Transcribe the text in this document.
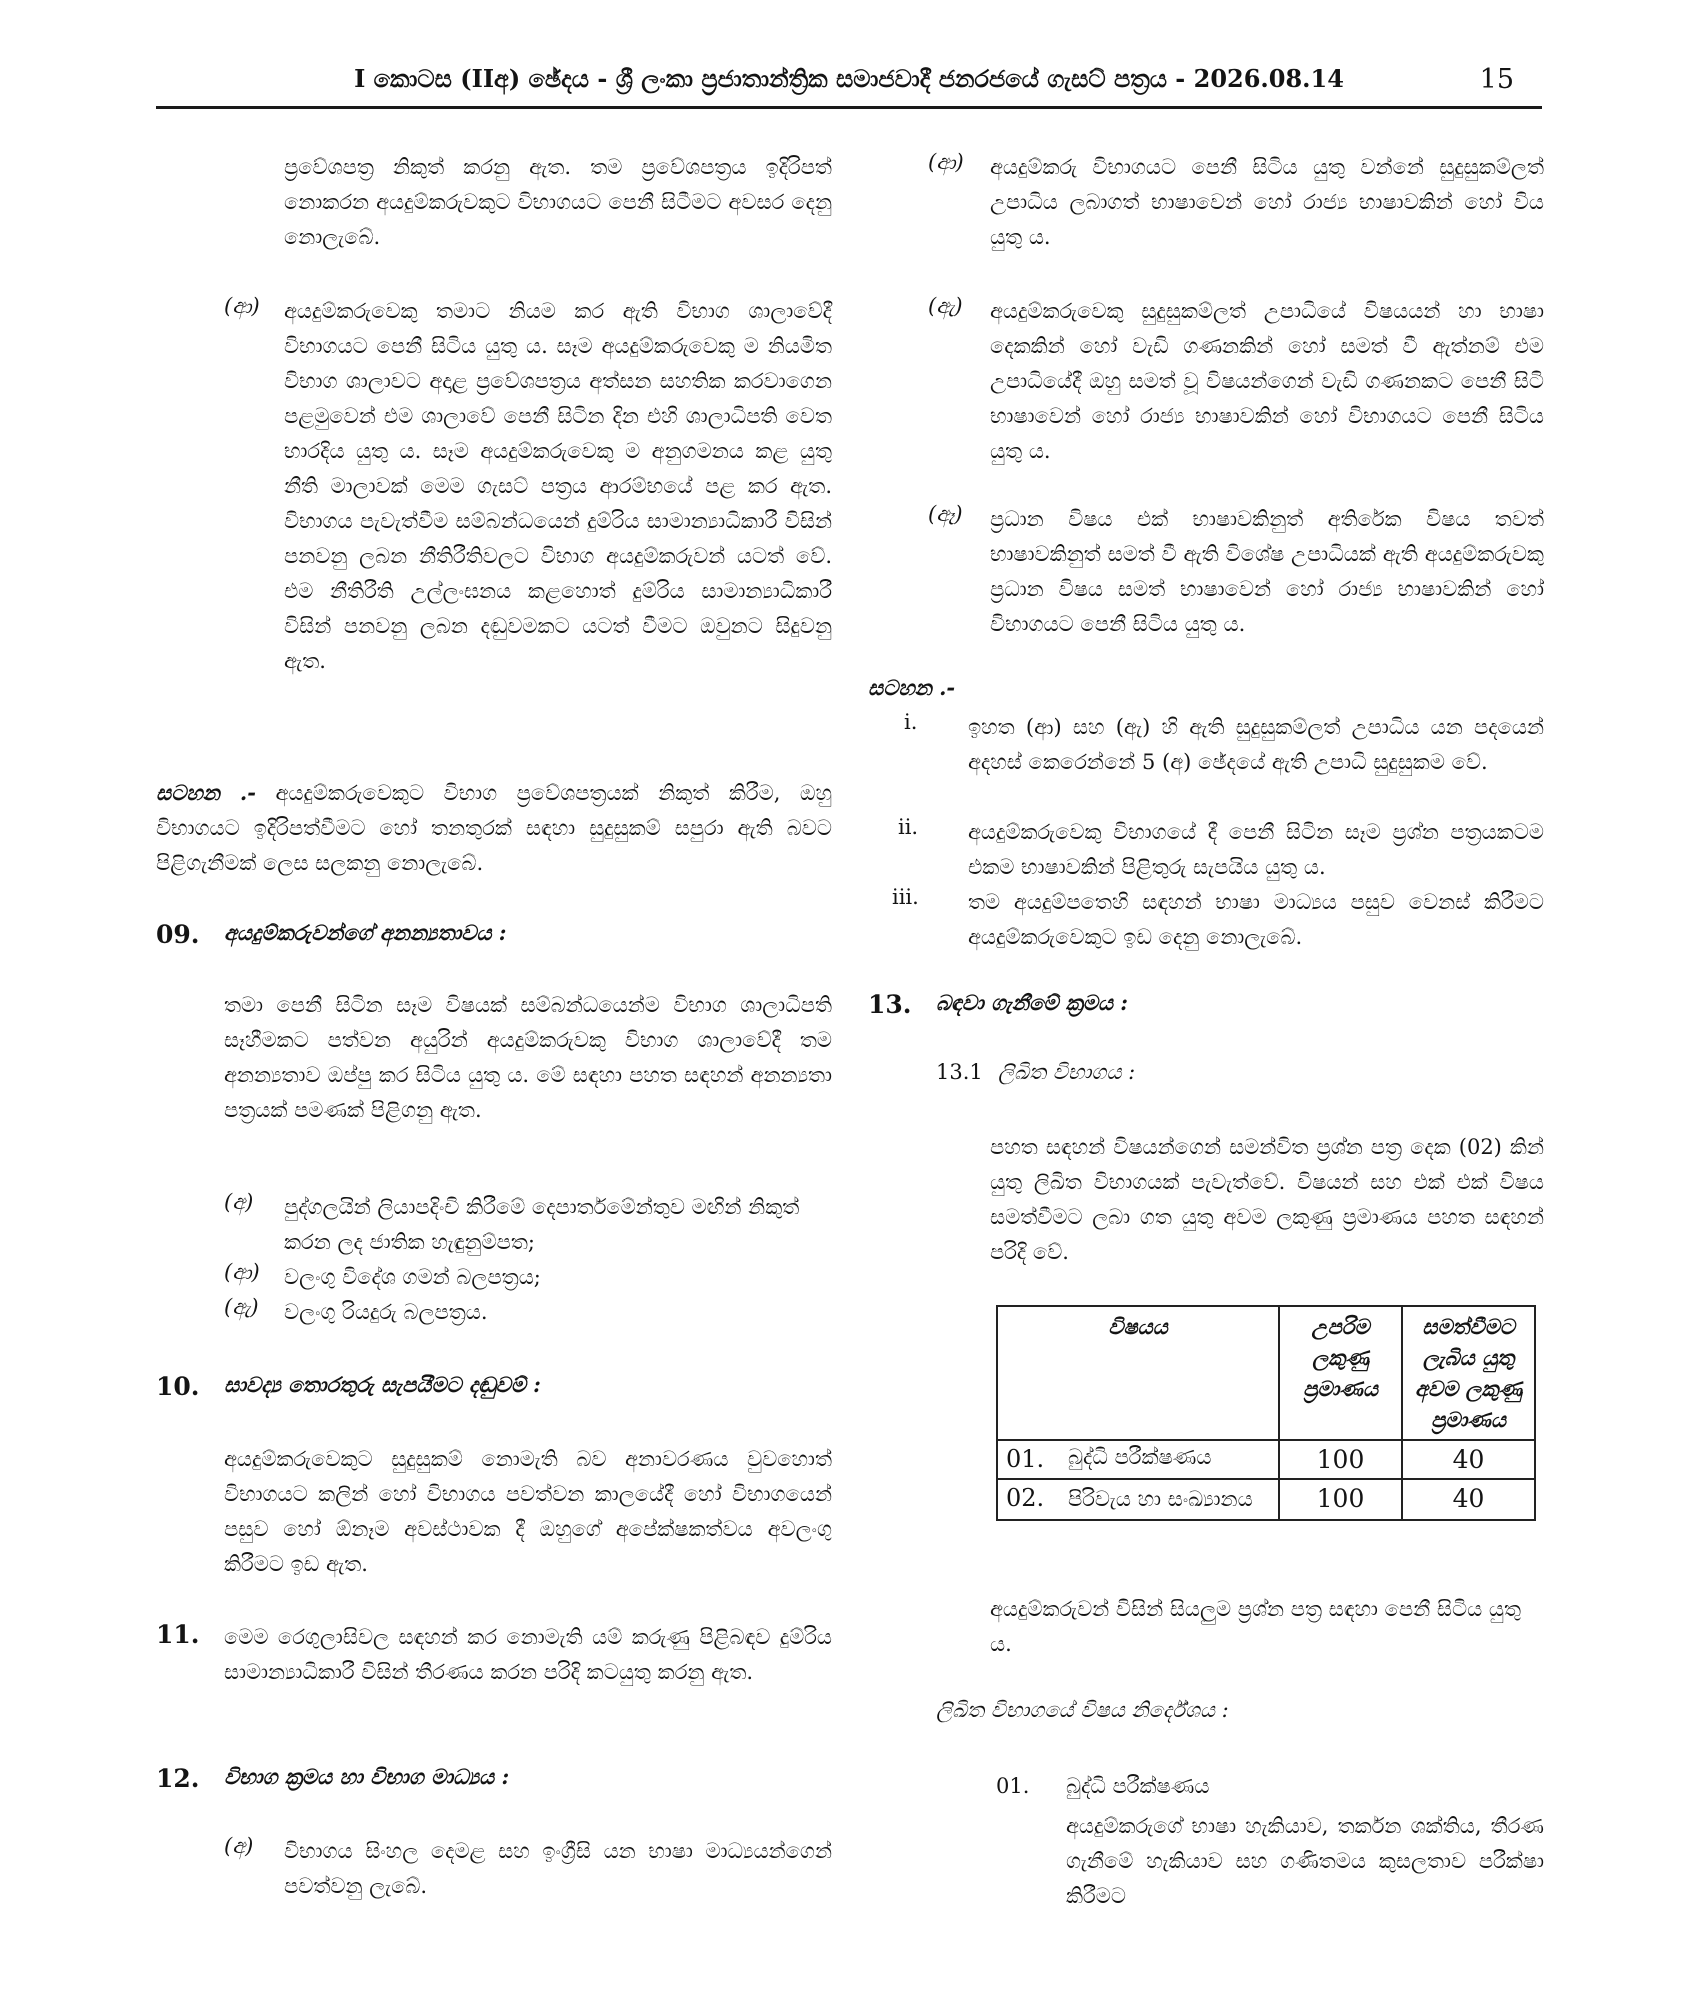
I කොටස (IIඅ) ඡේදය - ශ්‍රී ලංකා ප්‍රජාතාන්ත්‍රික සමාජවාදී ජනරජයේ ගැසට් පත්‍රය - 2026.08.14	15
ප්‍රවේශපත්‍ර නිකුත් කරනු ඇත. තම ප්‍රවේශපත්‍රය ඉදිරිපත් නොකරන අයදුම්කරුවකුට විභාගයට පෙනී සිටීමට අවසර දෙනු නොලැබේ.
(ආ) අයදුම්කරුවෙකු තමාට නියම කර ඇති විභාග ශාලාවේදී විභාගයට පෙනී සිටිය යුතු ය. සෑම අයදුම්කරුවෙකු ම නියමිත විභාග ශාලාවට අදාළ ප්‍රවේශපත්‍රය අත්සන සහතික කරවාගෙන පළමුවෙන් එම ශාලාවේ පෙනී සිටින දින එහි ශාලාධිපති වෙත භාරදිය යුතු ය. සෑම අයදුම්කරුවෙකු ම අනුගමනය කළ යුතු නීති මාලාවක් මෙම ගැසට් පත්‍රය ආරම්භයේ පළ කර ඇත. විභාගය පැවැත්වීම සම්බන්ධයෙන් දුම්රිය සාමාන්‍යාධිකාරී විසින් පනවනු ලබන නීතිරීතිවලට විභාග අයදුම්කරුවන් යටත් වේ. එම නීතිරීති උල්ලංඝනය කළහොත් දුම්රිය සාමාන්‍යාධිකාරී විසින් පනවනු ලබන දඬුවමකට යටත් වීමට ඔවුනට සිදුවනු ඇත.
සටහන .- අයදුම්කරුවෙකුට විභාග ප්‍රවේශපත්‍රයක් නිකුත් කිරීම, ඔහු විභාගයට ඉදිරිපත්වීමට හෝ තනතුරක් සඳහා සුදුසුකම් සපුරා ඇති බවට පිළිගැනීමක් ලෙස සලකනු නොලැබේ.
09. අයදුම්කරුවන්ගේ අනන්‍යතාවය :
තමා පෙනී සිටින සෑම විෂයක් සම්බන්ධයෙන්ම විභාග ශාලාධිපති සෑහීමකට පත්වන අයුරින් අයදුම්කරුවකු විභාග ශාලාවේදී තම අනන්‍යතාව ඔප්පු කර සිටිය යුතු ය. මේ සඳහා පහත සඳහන් අනන්‍යතා පත්‍රයක් පමණක් පිළිගනු ඇත.
(අ) පුද්ගලයින් ලියාපදිංචි කිරීමේ දෙපාර්තමේන්තුව මඟින් නිකුත් කරන ලද ජාතික හැඳුනුම්පත;
(ආ) වලංගු විදේශ ගමන් බලපත්‍රය;
(ඇ) වලංගු රියදුරු බලපත්‍රය.
10. සාවද්‍ය තොරතුරු සැපයීමට දඬුවම් :
අයදුම්කරුවෙකුට සුදුසුකම් නොමැති බව අනාවරණය වුවහොත් විභාගයට කලින් හෝ විභාගය පවත්වන කාලයේදී හෝ විභාගයෙන් පසුව හෝ ඕනෑම අවස්ථාවක දී ඔහුගේ අපේක්ෂකත්වය අවලංගු කිරීමට ඉඩ ඇත.
11. මෙම රෙගුලාසිවල සඳහන් කර නොමැති යම් කරුණු පිළිබඳව දුම්රිය සාමාන්‍යාධිකාරී විසින් තීරණය කරන පරිදි කටයුතු කරනු ඇත.
12. විභාග ක්‍රමය හා විභාග මාධ්‍යය :
(අ) විභාගය සිංහල දෙමළ සහ ඉංග්‍රීසි යන භාෂා මාධ්‍යයන්ගෙන් පවත්වනු ලැබේ.
(ආ) අයදුම්කරු විභාගයට පෙනී සිටිය යුතු වන්නේ සුදුසුකම්ලත් උපාධිය ලබාගත් භාෂාවෙන් හෝ රාජ්‍ය භාෂාවකින් හෝ විය යුතු ය.
(ඇ) අයදුම්කරුවෙකු සුදුසුකම්ලත් උපාධියේ විෂයයන් හා භාෂා දෙකකින් හෝ වැඩි ගණනකින් හෝ සමත් වී ඇත්නම් එම උපාධියේදී ඔහු සමත් වූ විෂයන්ගෙන් වැඩි ගණනකට පෙනී සිටි භාෂාවෙන් හෝ රාජ්‍ය භාෂාවකින් හෝ විභාගයට පෙනී සිටිය යුතු ය.
(ඈ) ප්‍රධාන විෂය එක් භාෂාවකිනුත් අතිරේක විෂය තවත් භාෂාවකිනුත් සමත් වී ඇති විශේෂ උපාධියක් ඇති අයදුම්කරුවකු ප්‍රධාන විෂය සමත් භාෂාවෙන් හෝ රාජ්‍ය භාෂාවකින් හෝ විභාගයට පෙනී සිටිය යුතු ය.
සටහන .-
i. ඉහත (ආ) සහ (ඇ) හි ඇති සුදුසුකම්ලත් උපාධිය යන පදයෙන් අදහස් කෙරෙන්නේ 5 (අ) ඡේදයේ ඇති උපාධි සුදුසුකම වේ.
ii. අයදුම්කරුවෙකු විභාගයේ දී පෙනී සිටින සෑම ප්‍රශ්න පත්‍රයකටම එකම භාෂාවකින් පිළිතුරු සැපයිය යුතු ය.
iii. තම අයදුම්පතෙහි සඳහන් භාෂා මාධ්‍යය පසුව වෙනස් කිරීමට අයදුම්කරුවෙකුට ඉඩ දෙනු නොලැබේ.
13. බඳවා ගැනීමේ ක්‍රමය :
13.1 ලිඛිත විභාගය :
පහත සඳහන් විෂයන්ගෙන් සමන්විත ප්‍රශ්න පත්‍ර දෙක (02) කින් යුතු ලිඛිත විභාගයක් පැවැත්වේ. විෂයන් සහ එක් එක් විෂය සමත්වීමට ලබා ගත යුතු අවම ලකුණු ප්‍රමාණය පහත සඳහන් පරිදි වේ.
විෂයය		උපරිම ලකුණු ප්‍රමාණය	සමත්වීමට ලැබිය යුතු අවම ලකුණු ප්‍රමාණය
01.	බුද්ධි පරීක්ෂණය	100	40
02.	පිරිවැය හා සංඛ්‍යානය	100	40
අයදුම්කරුවන් විසින් සියලුම ප්‍රශ්න පත්‍ර සඳහා පෙනී සිටිය යුතු ය.
ලිඛිත විභාගයේ විෂය නිර්දේශය :
01. බුද්ධි පරීක්ෂණය
අයදුම්කරුගේ භාෂා හැකියාව, තර්කන ශක්තිය, තීරණ ගැනීමේ හැකියාව සහ ගණිතමය කුසලතාව පරීක්ෂා කිරීමට
